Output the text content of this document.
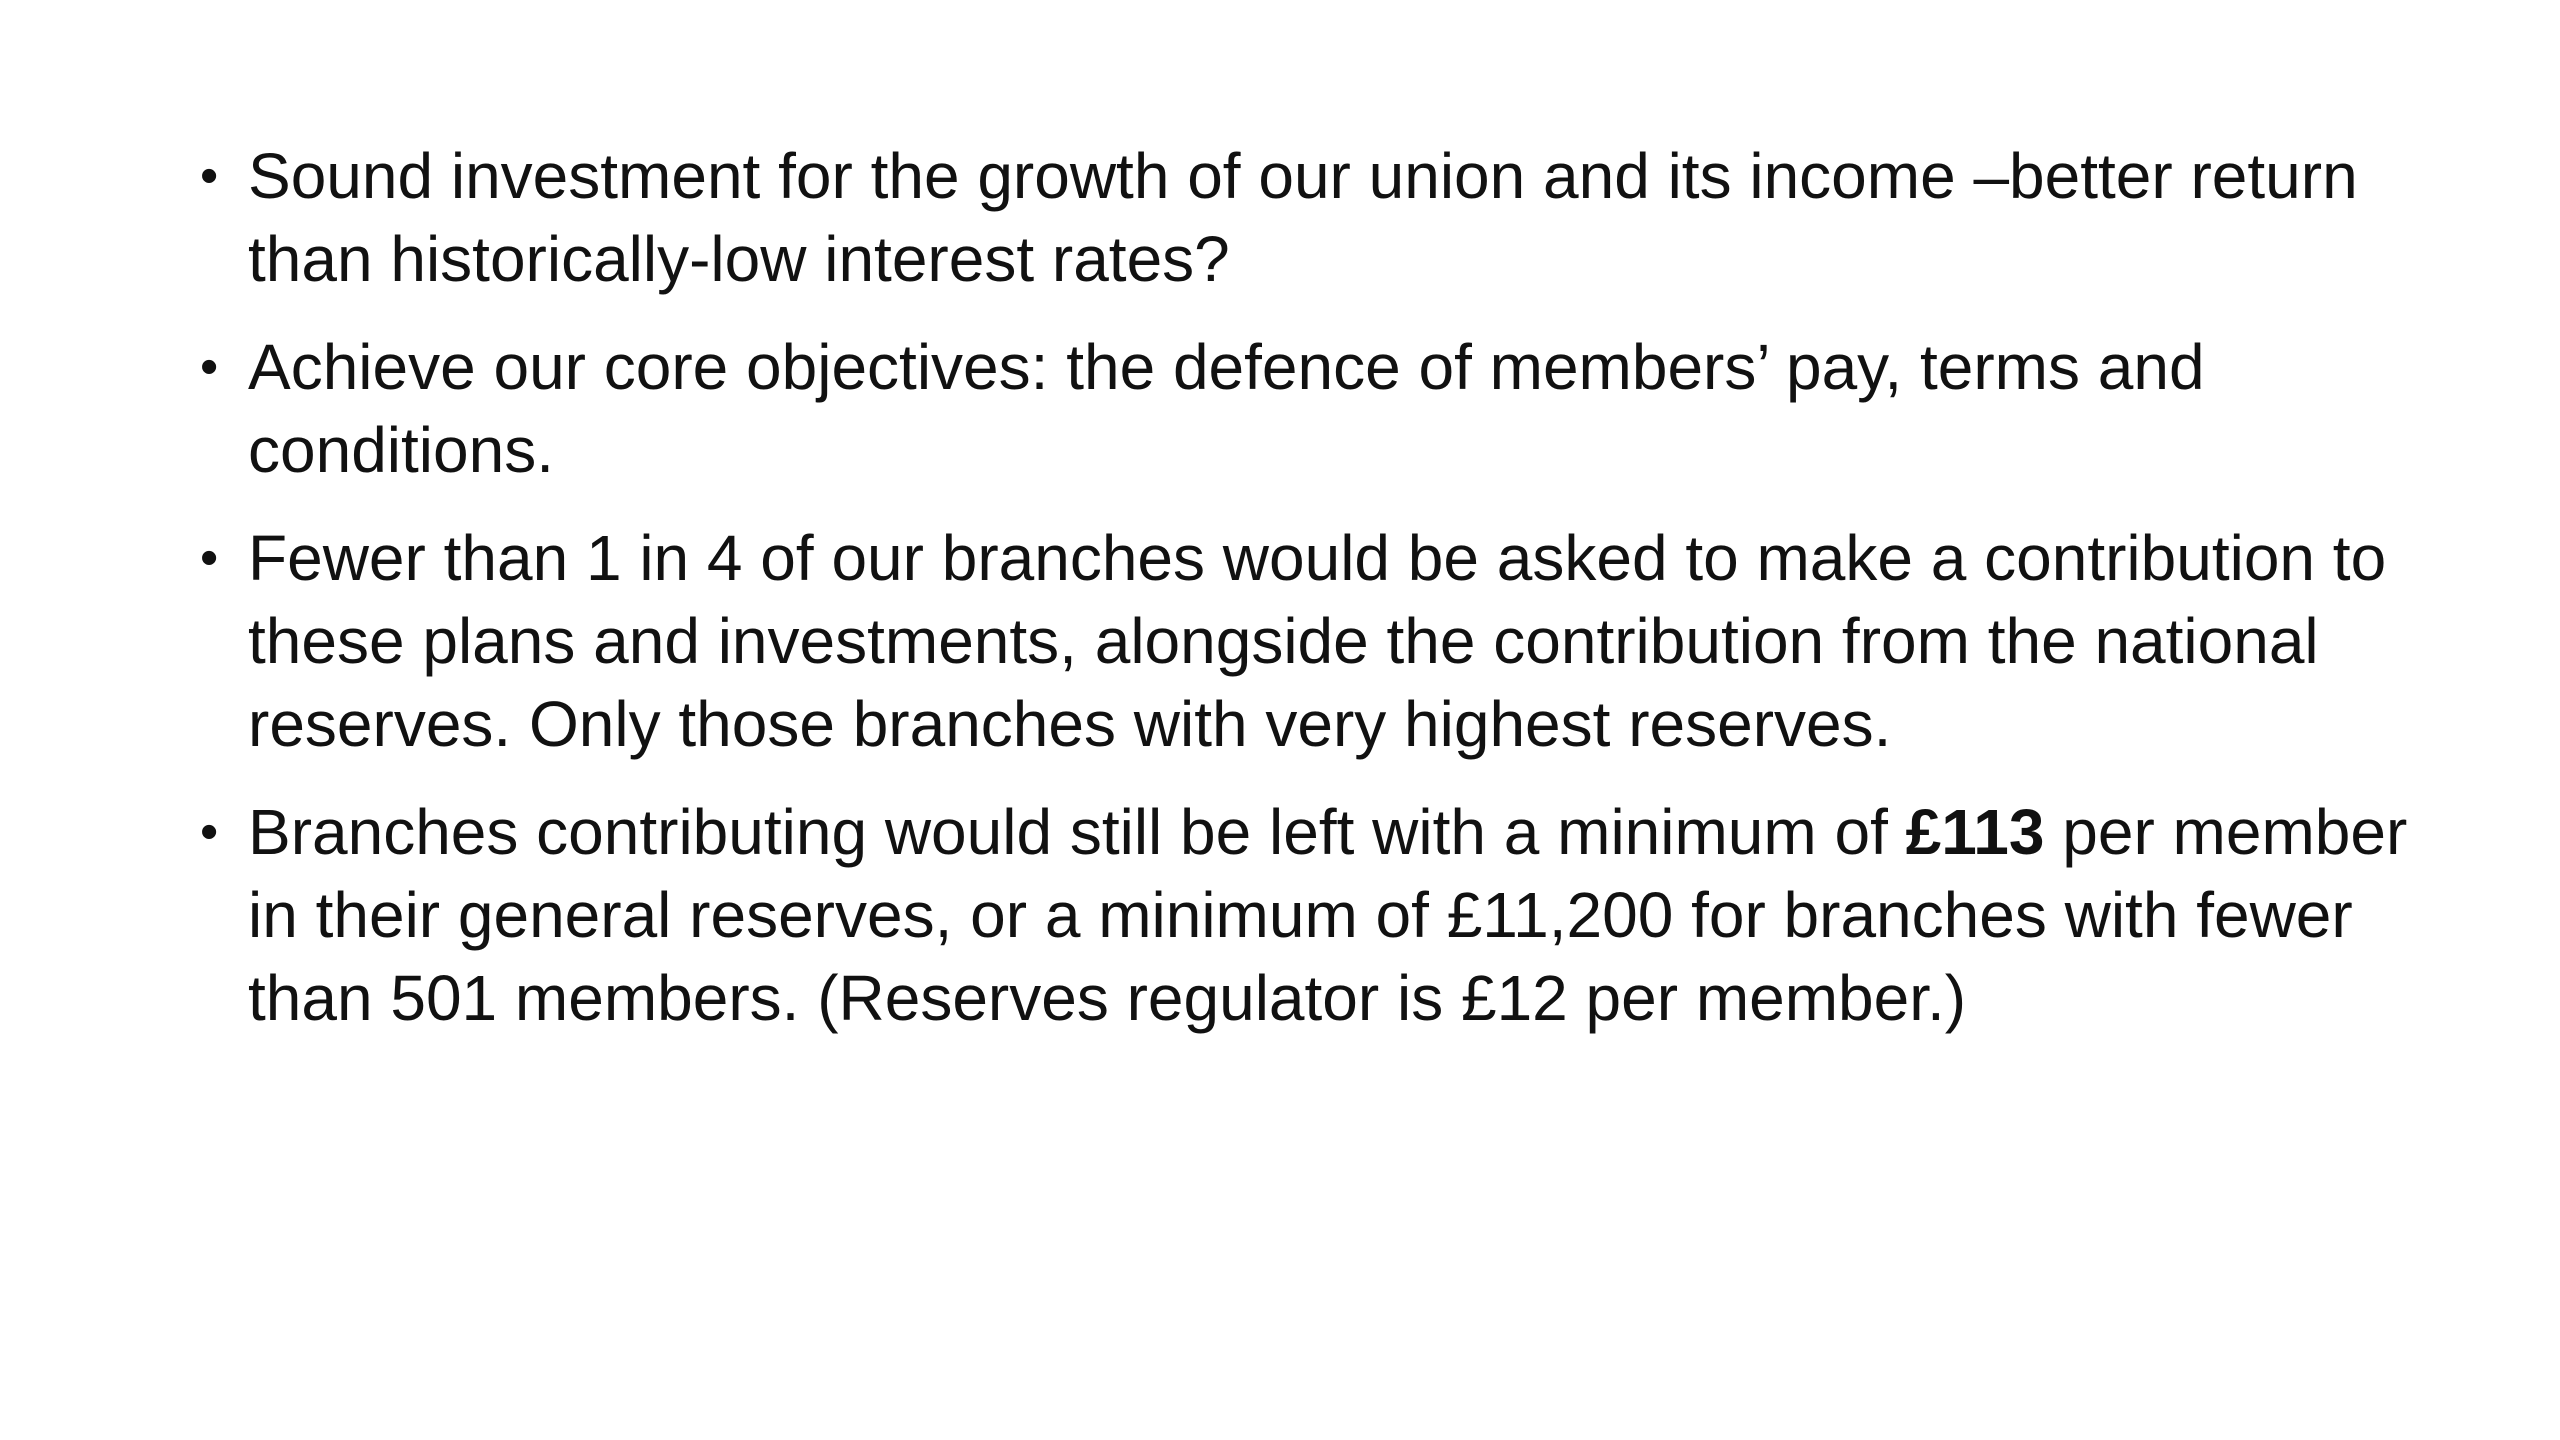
• Sound investment for the growth of our union and its income –better return than historically-low interest rates?
• Achieve our core objectives: the defence of members’ pay, terms and conditions.
• Fewer than 1 in 4 of our branches would be asked to make a contribution to these plans and investments, alongside the contribution from the national reserves. Only those branches with very highest reserves.
• Branches contributing would still be left with a minimum of £113 per member in their general reserves, or a minimum of £11,200 for branches with fewer than 501 members. (Reserves regulator is £12 per member.)
